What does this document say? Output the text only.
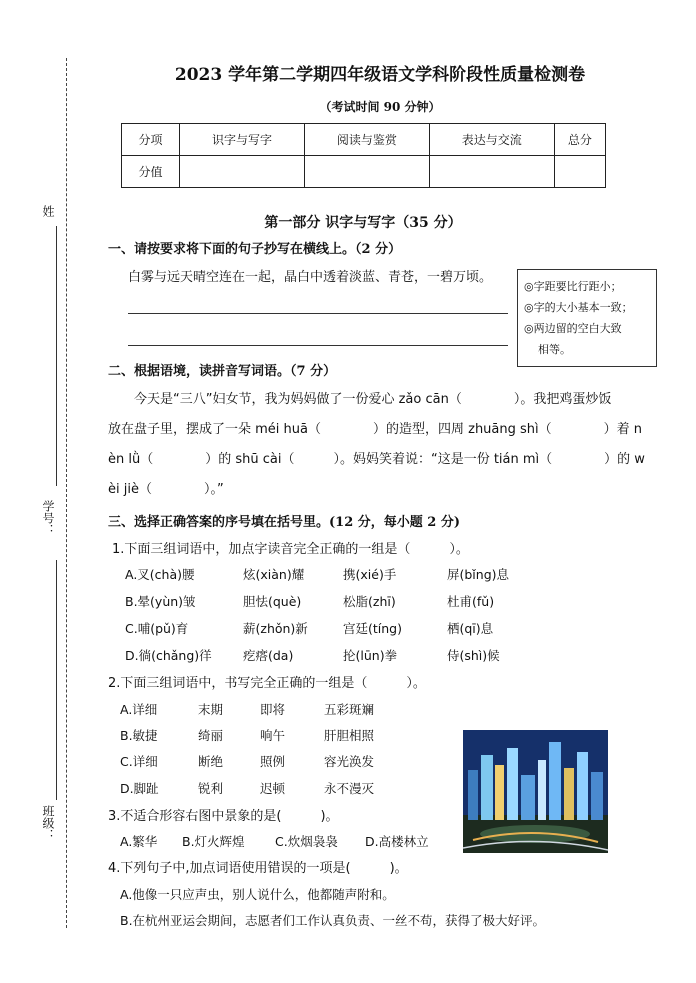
姓
学号：
班级：
2023 学年第二学期四年级语文学科阶段性质量检测卷
（考试时间 90 分钟）
分项	识字与写字	阅读与鉴赏	表达与交流	总分
分值				
第一部分 识字与写字（35 分）
一、请按要求将下面的句子抄写在横线上。（2 分）
白雾与远天晴空连在一起，晶白中透着淡蓝、青苍，一碧万顷。
◎字距要比行距小；
◎字的大小基本一致；
◎两边留的空白大致
相等。
二、根据语境，读拼音写词语。（7 分）
　　今天是“三八”妇女节，我为妈妈做了一份爱心 zǎo cān（　　　　）。我把鸡蛋炒饭
放在盘子里，摆成了一朵 méi huā（　　　　）的造型，四周 zhuāng shì（　　　　）着 n
èn lǜ（　　　　）的 shū cài（　　　）。妈妈笑着说：“这是一份 tián mì（　　　　）的 w
èi jiè（　　　　）。”
三、选择正确答案的序号填在括号里。(12 分，每小题 2 分)
1.下面三组词语中，加点字读音完全正确的一组是（　　　）。
A.叉(chà)腰	炫(xiàn)耀	携(xié)手	屏(bǐng)息
B.晕(yùn)皱	胆怯(què)	松脂(zhī)	杜甫(fǔ)
C.哺(pǔ)育	薪(zhǒn)新	宫廷(tíng)	栖(qī)息
D.徜(chǎng)徉	疙瘩(da)	抡(lūn)拳	侍(shì)候
2.下面三组词语中，书写完全正确的一组是（　　　）。
A.详细	末期	即将	五彩斑斓
B.敏捷	绮丽	响午	肝胆相照
C.详细	断绝	照例	容光涣发
D.脚趾	锐利	迟顿	永不漫灭
3.不适合形容右图中景象的是(　　　)。
A.繁华 B.灯火辉煌 C.炊烟袅袅 D.高楼林立
4.下列句子中,加点词语使用错误的一项是(　　　)。
A.他像一只应声虫，别人说什么，他都随声附和。
B.在杭州亚运会期间，志愿者们工作认真负责、一丝不苟，获得了极大好评。
